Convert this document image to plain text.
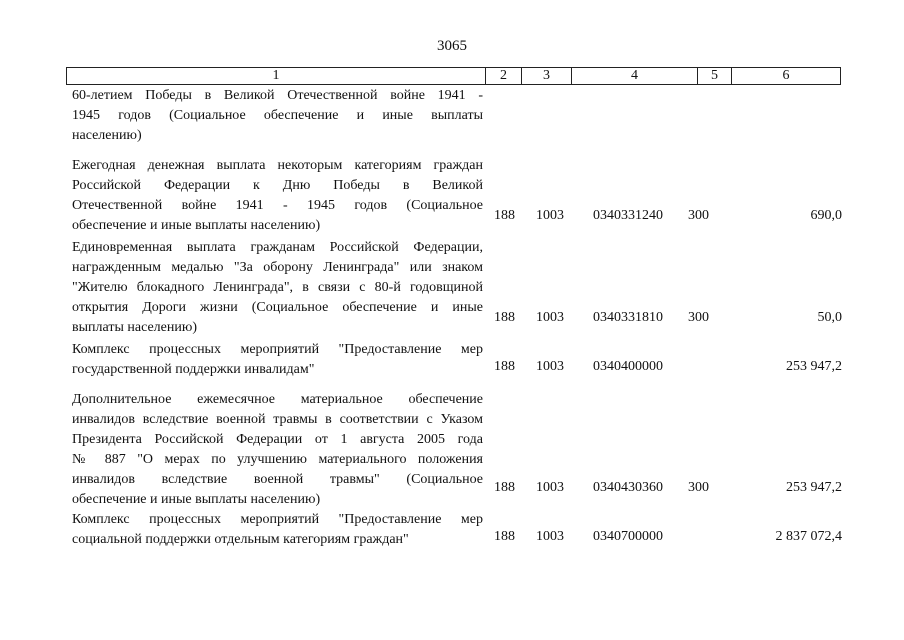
3065
1	2	3	4	5	6
60-летием Победы в Великой Отечественной войне 1941 -
1945 годов (Социальное обеспечение и иные выплаты
населению)
Ежегодная денежная выплата некоторым категориям граждан
Российской Федерации к Дню Победы в Великой
Отечественной войне 1941 - 1945 годов (Социальное
обеспечение и иные выплаты населению)
188 1003 0340331240 300	690,0
Единовременная выплата гражданам Российской Федерации,
награжденным медалью "За оборону Ленинграда" или знаком
"Жителю блокадного Ленинграда", в связи с 80-й годовщиной
открытия Дороги жизни (Социальное обеспечение и иные
выплаты населению)
188 1003 0340331810 300	50,0
Комплекс процессных мероприятий "Предоставление мер
государственной поддержки инвалидам"	188 1003 0340400000	253 947,2
Дополнительное ежемесячное материальное обеспечение
инвалидов вследствие военной травмы в соответствии с Указом
Президента Российской Федерации от 1 августа 2005 года
№ 887 "О мерах по улучшению материального положения
инвалидов вследствие военной травмы" (Социальное
обеспечение и иные выплаты населению)
188 1003 0340430360 300	253 947,2
Комплекс процессных мероприятий "Предоставление мер
социальной поддержки отдельным категориям граждан"	188 1003 0340700000	2 837 072,4
